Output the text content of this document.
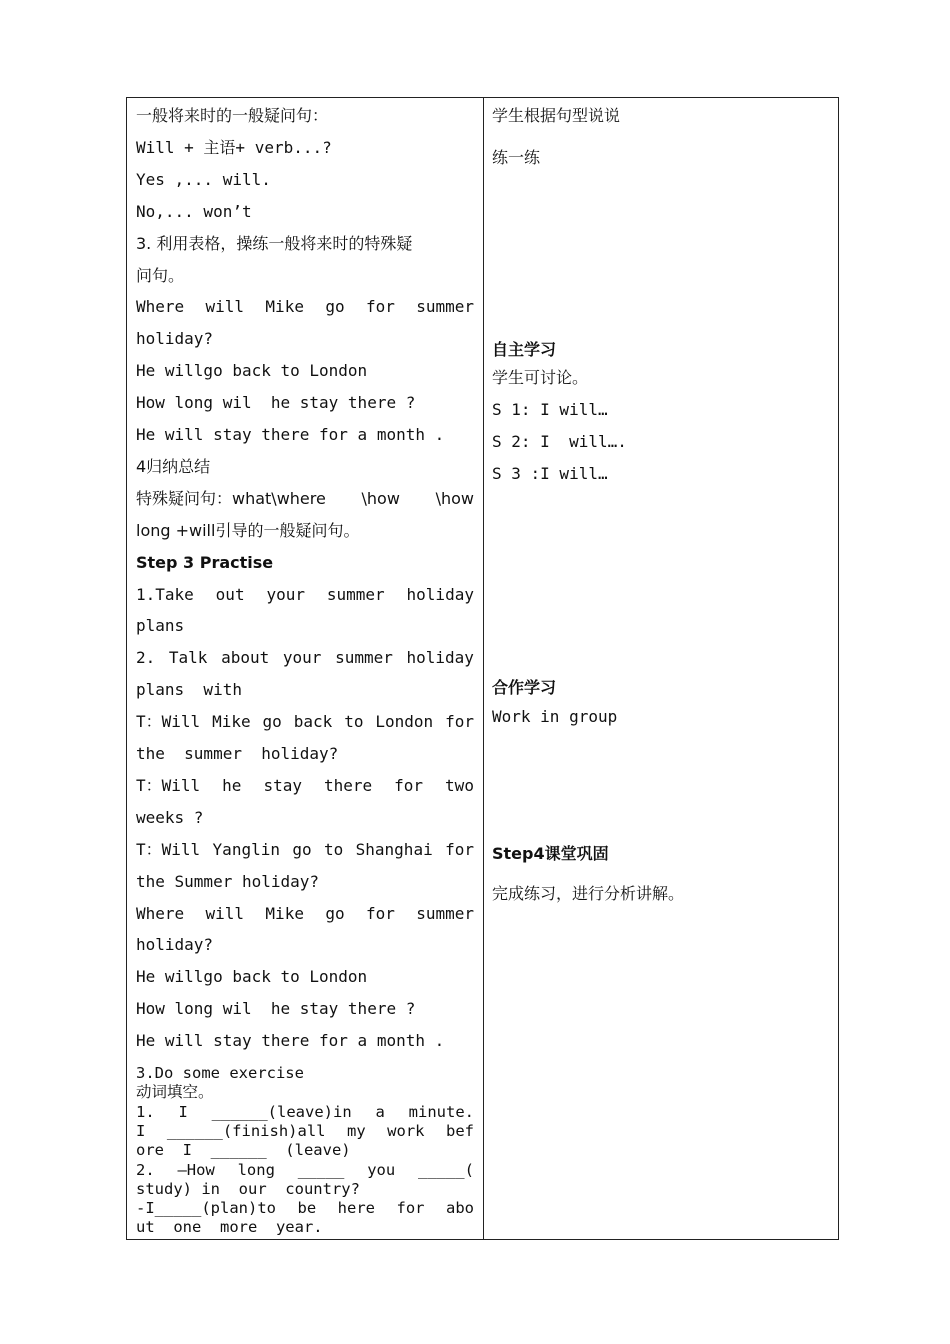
一般将来时的一般疑问句：
Will + 主语+ verb...?
Yes ,... will.
No,... won’t
3. 利用表格，操练一般将来时的特殊疑
问句。
Where will Mike go for summer
holiday?
He willgo back to London
How long wil  he stay there ?
He will stay there for a month .
4归纳总结
特殊疑问句：what\where \how \how
long +will引导的一般疑问句。
Step 3 Practise
1.Take out your summer holiday
plans
2. Talk about your summer holiday
plans  with
T：Will Mike go back to London for
the  summer  holiday?
T：Will he stay there for two
weeks ?
T：Will Yanglin go to Shanghai for
the Summer holiday?
Where will Mike go for summer
holiday?
He willgo back to London
How long wil  he stay there ?
He will stay there for a month .
3.Do some exercise
动词填空。
1. I ______(leave)in a minute.
I ______(finish)all my work bef
ore  I  ______  (leave)
2. —How long _____ you _____(
study) in  our  country?
-I_____(plan)to be here for abo
ut  one  more  year.
学生根据句型说说
练一练
自主学习
学生可讨论。
S 1: I will…
S 2: I  will….
S 3 :I will…
合作学习
Work in group
Step4课堂巩固
完成练习，进行分析讲解。
